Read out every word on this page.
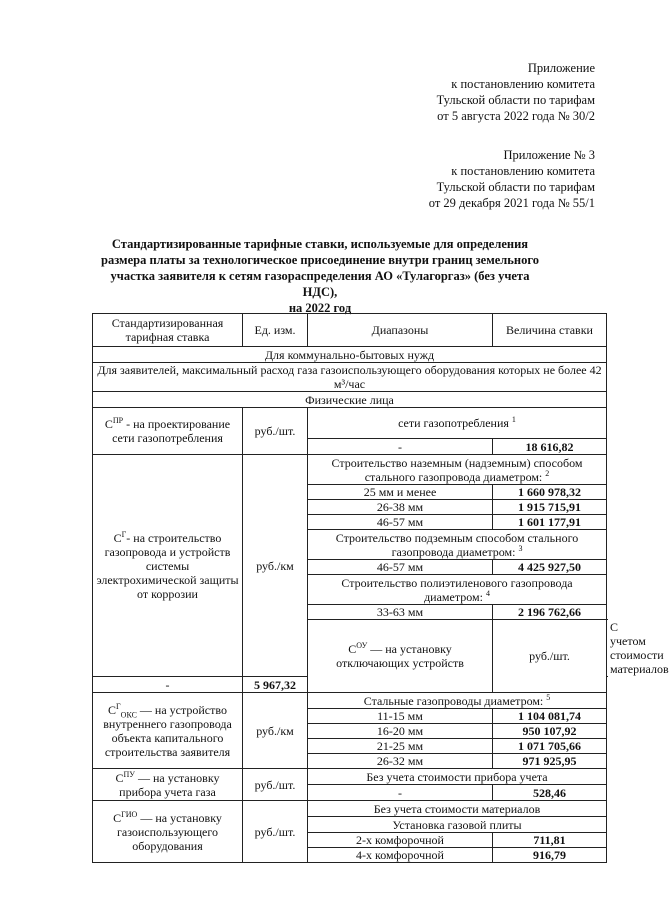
Приложение
к постановлению комитета
Тульской области по тарифам
от 5 августа 2022 года № 30/2
Приложение № 3
к постановлению комитета
Тульской области по тарифам
от 29 декабря 2021 года № 55/1
Стандартизированные тарифные ставки, используемые для определения
размера платы за технологическое присоединение внутри границ земельного
участка заявителя к сетям газораспределения АО «Тулагоргаз» (без учета НДС),
на 2022 год
Стандартизированная тарифная ставка	Ед. изм.	Диапазоны	Величина ставки	
Для коммунально-бытовых нужд				
Для заявителей, максимальный расход газа газоиспользующего оборудования которых не более 42 м³/час				
Физические лица				
$C^{ПР}$ - на проектирование сети газопотребления	руб./шт.	сети газопотребления $^1$
		-	18 616,82	
$C^Г-$ на строительство газопровода и устройств системы электрохимической защиты от коррозии	руб./км	Строительство наземным (надземным) способом стального газопровода диаметром: $^2$
		25 мм и менее	1 660 978,32	
		26-38 мм	1 915 715,91	
		46-57 мм	1 601 177,91	
		Строительство подземным способом стального газопровода диаметром: $^3$
		46-57 мм	4 425 927,50	
		Строительство полиэтиленового газопровода диаметром: $^4$
		33-63 мм	2 196 762,66	
		$C^{ОУ}$ — на установку отключающих устройств	руб./шт.	С учетом стоимости материалов
-	5 967,32			
$C^Г_{ОКС}$ — на устройство внутреннего газопровода объекта капитального строительства заявителя	руб./км	Стальные газопроводы диаметром: $^5$
		11-15 мм	1 104 081,74	
		16-20 мм	950 107,92	
		21-25 мм	1 071 705,66	
		26-32 мм	971 925,95	
$C^{ПУ}$ — на установку прибора учета газа	руб./шт.	Без учета стоимости прибора учета		
		-	528,46	
$C^{ГИО}$ — на установку газоиспользующего оборудования	руб./шт.	Без учета стоимости материалов		
		Установка газовой плиты		
		2-х комфорочной	711,81	
		4-х комфорочной	916,79	
